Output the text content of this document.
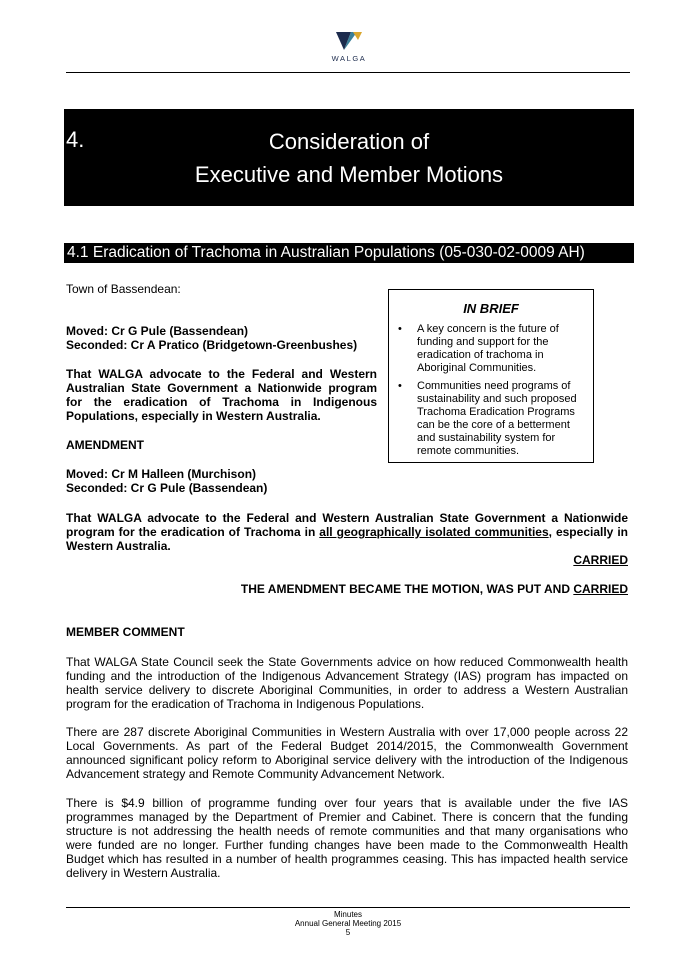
WALGA
4.	Consideration of
Executive and Member Motions
4.1 Eradication of Trachoma in Australian Populations (05-030-02-0009 AH)
Town of Bassendean:
Moved: Cr G Pule (Bassendean)
Seconded: Cr A Pratico (Bridgetown-Greenbushes)
That WALGA advocate to the Federal and Western Australian State Government a Nationwide program for the eradication of Trachoma in Indigenous Populations, especially in Western Australia.
AMENDMENT
Moved: Cr M Halleen (Murchison)
Seconded: Cr G Pule (Bassendean)
IN BRIEF
• A key concern is the future of funding and support for the eradication of trachoma in Aboriginal Communities.
• Communities need programs of sustainability and such proposed Trachoma Eradication Programs can be the core of a betterment and sustainability system for remote communities.
That WALGA advocate to the Federal and Western Australian State Government a Nationwide program for the eradication of Trachoma in all geographically isolated communities, especially in Western Australia.
CARRIED
THE AMENDMENT BECAME THE MOTION, WAS PUT AND CARRIED
MEMBER COMMENT
That WALGA State Council seek the State Governments advice on how reduced Commonwealth health funding and the introduction of the Indigenous Advancement Strategy (IAS) program has impacted on health service delivery to discrete Aboriginal Communities, in order to address a Western Australian program for the eradication of Trachoma in Indigenous Populations.
There are 287 discrete Aboriginal Communities in Western Australia with over 17,000 people across 22 Local Governments. As part of the Federal Budget 2014/2015, the Commonwealth Government announced significant policy reform to Aboriginal service delivery with the introduction of the Indigenous Advancement strategy and Remote Community Advancement Network.
There is $4.9 billion of programme funding over four years that is available under the five IAS programmes managed by the Department of Premier and Cabinet. There is concern that the funding structure is not addressing the health needs of remote communities and that many organisations who were funded are no longer. Further funding changes have been made to the Commonwealth Health Budget which has resulted in a number of health programmes ceasing. This has impacted health service delivery in Western Australia.
Minutes
Annual General Meeting 2015
5
